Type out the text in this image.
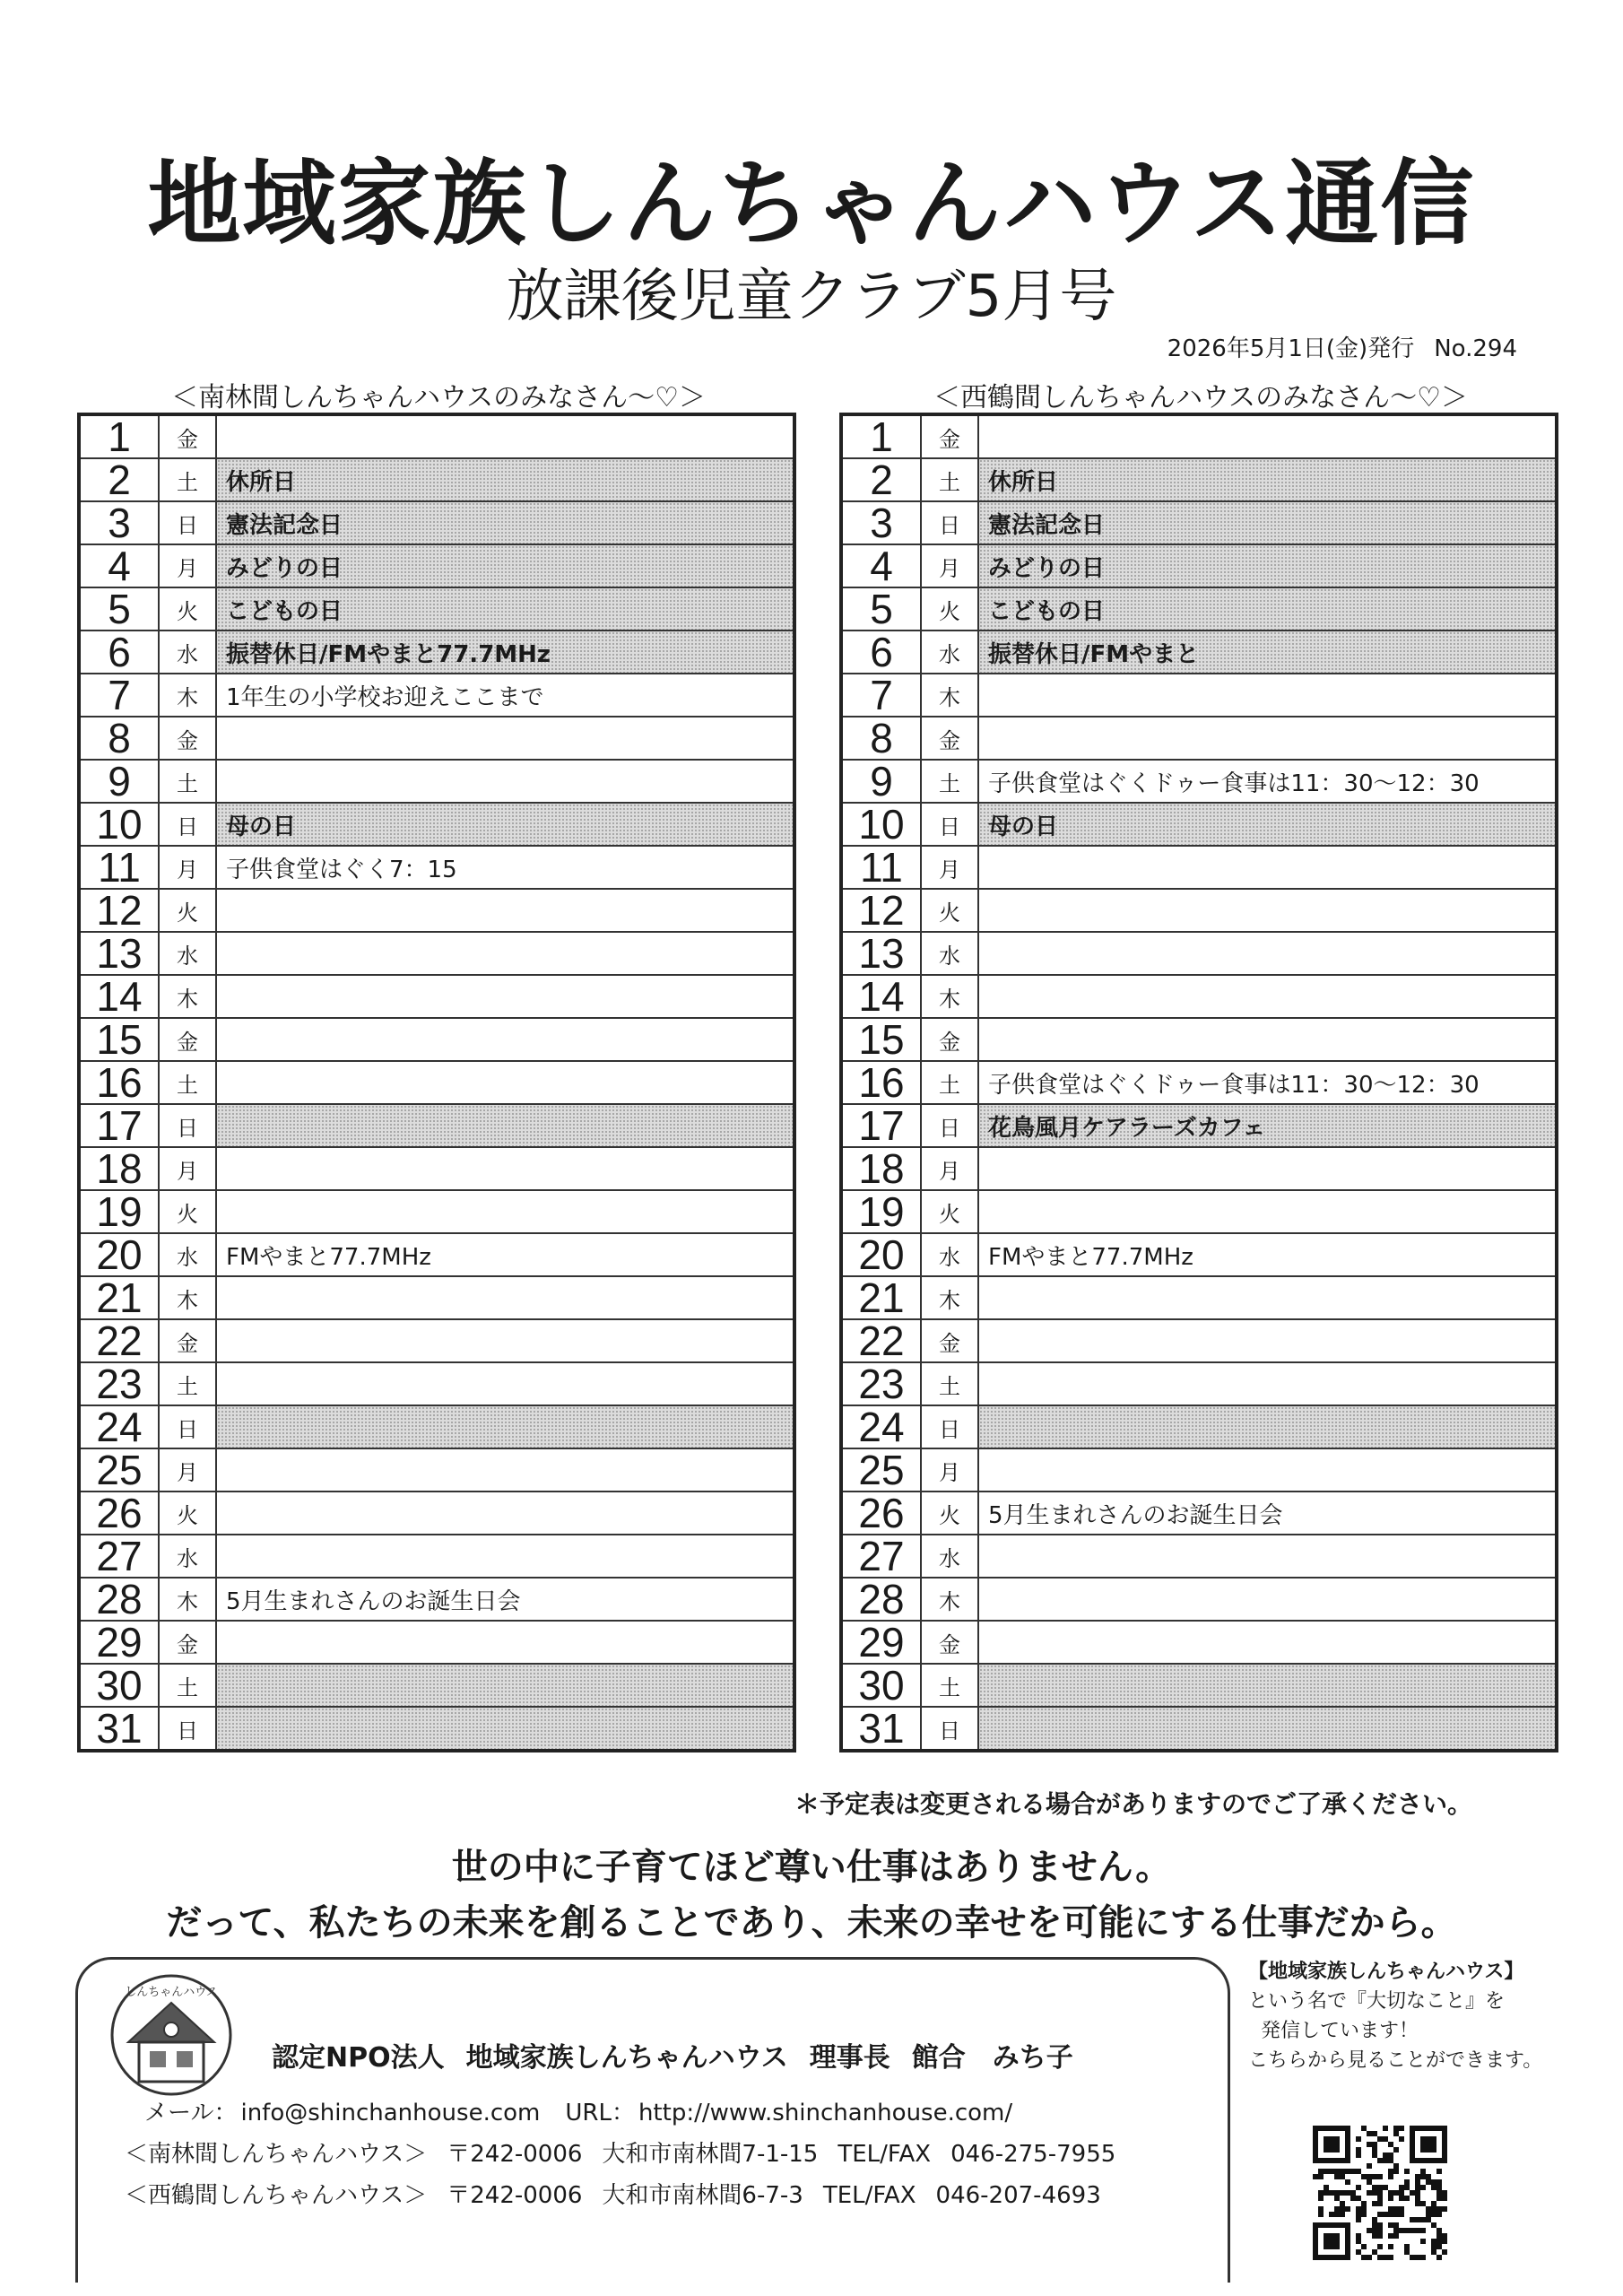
地域家族しんちゃんハウス通信
放課後児童クラブ5月号
2026年5月1日(金)発行 No.294
＜南林間しんちゃんハウスのみなさん〜♡＞	＜西鶴間しんちゃんハウスのみなさん〜♡＞
1	金	
2	土	休所日
3	日	憲法記念日
4	月	みどりの日
5	火	こどもの日
6	水	振替休日/FMやまと77.7MHz
7	木	1年生の小学校お迎えここまで
8	金	
9	土	
10	日	母の日
11	月	子供食堂はぐく7：15
12	火	
13	水	
14	木	
15	金	
16	土	
17	日	
18	月	
19	火	
20	水	FMやまと77.7MHz
21	木	
22	金	
23	土	
24	日	
25	月	
26	火	
27	水	
28	木	5月生まれさんのお誕生日会
29	金	
30	土	
31	日	
1	金	
2	土	休所日
3	日	憲法記念日
4	月	みどりの日
5	火	こどもの日
6	水	振替休日/FMやまと
7	木	
8	金	
9	土	子供食堂はぐくドゥー食事は11：30〜12：30
10	日	母の日
11	月	
12	火	
13	水	
14	木	
15	金	
16	土	子供食堂はぐくドゥー食事は11：30〜12：30
17	日	花鳥風月ケアラーズカフェ
18	月	
19	火	
20	水	FMやまと77.7MHz
21	木	
22	金	
23	土	
24	日	
25	月	
26	火	5月生まれさんのお誕生日会
27	水	
28	木	
29	金	
30	土	
31	日	
＊予定表は変更される場合がありますのでご了承ください。
世の中に子育てほど尊い仕事はありません。
だって、私たちの未来を創ることであり、未来の幸せを可能にする仕事だから。
しんちゃんハウス
認定NPO法人 地域家族しんちゃんハウス 理事長 館合　みち子
メール： info@shinchanhouse.com URL： http://www.shinchanhouse.com/
＜南林間しんちゃんハウス＞ 〒242-0006 大和市南林間7-1-15 TEL/FAX 046-275-7955
＜西鶴間しんちゃんハウス＞ 〒242-0006 大和市南林間6-7-3 TEL/FAX 046-207-4693
【地域家族しんちゃんハウス】
という名で『大切なこと』を
発信しています！
こちらから見ることができます。
